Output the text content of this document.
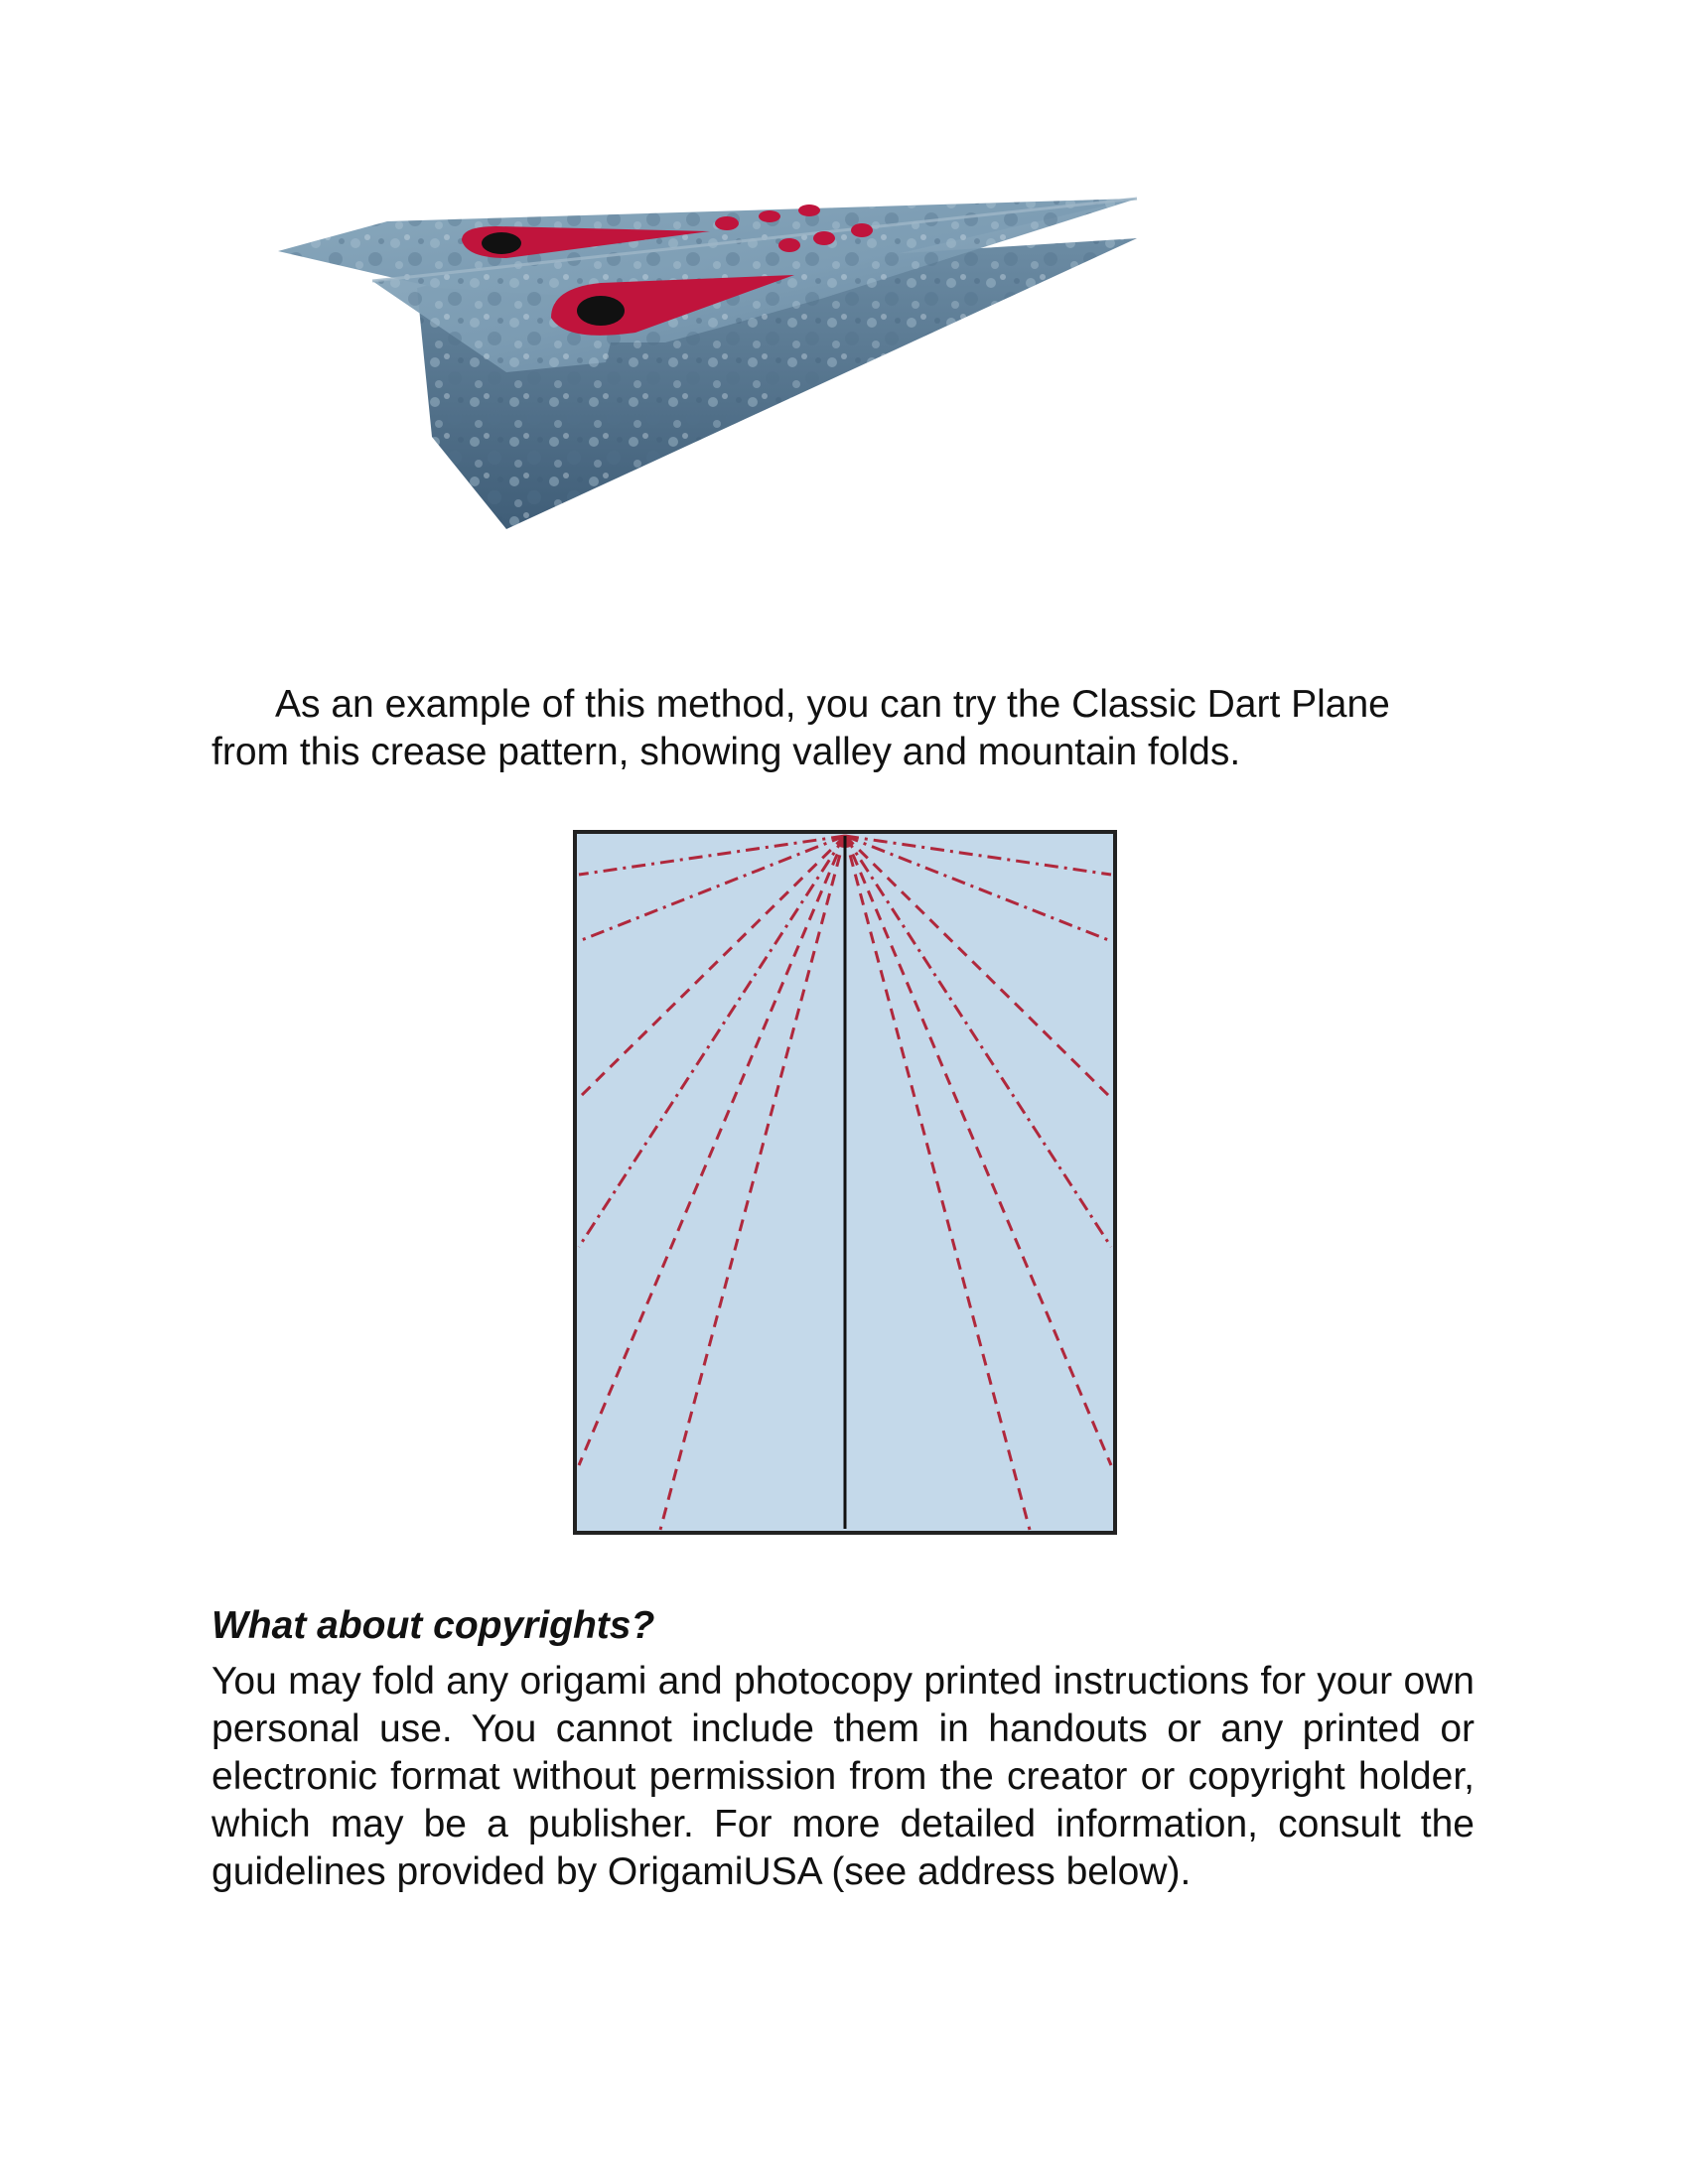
As an example of this method, you can try the Classic Dart Plane from this crease pattern, showing valley and mountain folds.

What about copyrights?

You may fold any origami and photocopy printed instructions for your own personal use. You cannot include them in handouts or any printed or electronic format without permission from the creator or copyright holder, which may be a publisher. For more detailed information, consult the guidelines provided by OrigamiUSA (see address below).
